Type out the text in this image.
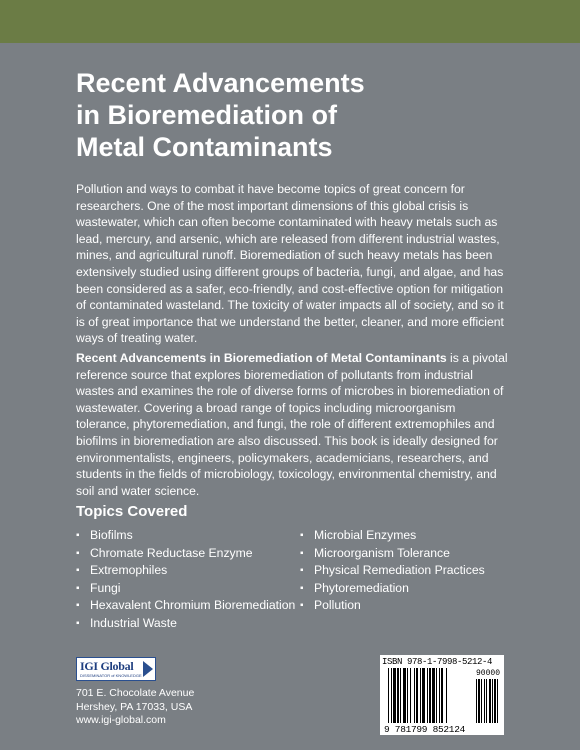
Recent Advancements
in Bioremediation of
Metal Contaminants

Pollution and ways to combat it have become topics of great concern for researchers. One of the most important dimensions of this global crisis is wastewater, which can often become contaminated with heavy metals such as lead, mercury, and arsenic, which are released from different industrial wastes, mines, and agricultural runoff. Bioremediation of such heavy metals has been extensively studied using different groups of bacteria, fungi, and algae, and has been considered as a safer, eco-friendly, and cost-effective option for mitigation of contaminated wasteland. The toxicity of water impacts all of society, and so it is of great importance that we understand the better, cleaner, and more efficient ways of treating water.

Recent Advancements in Bioremediation of Metal Contaminants is a pivotal reference source that explores bioremediation of pollutants from industrial wastes and examines the role of diverse forms of microbes in bioremediation of wastewater. Covering a broad range of topics including microorganism tolerance, phytoremediation, and fungi, the role of different extremophiles and biofilms in bioremediation are also discussed. This book is ideally designed for environmentalists, engineers, policymakers, academicians, researchers, and students in the fields of microbiology, toxicology, environmental chemistry, and soil and water science.

Topics Covered
▪ Biofilms
▪ Chromate Reductase Enzyme
▪ Extremophiles
▪ Fungi
▪ Hexavalent Chromium Bioremediation
▪ Industrial Waste
▪ Microbial Enzymes
▪ Microorganism Tolerance
▪ Physical Remediation Practices
▪ Phytoremediation
▪ Pollution
IGI Global
DISSEMINATOR of KNOWLEDGE
701 E. Chocolate Avenue
Hershey, PA 17033, USA
www.igi-global.com
ISBN 978-1-7998-5212-4
90000
9 781799 852124
